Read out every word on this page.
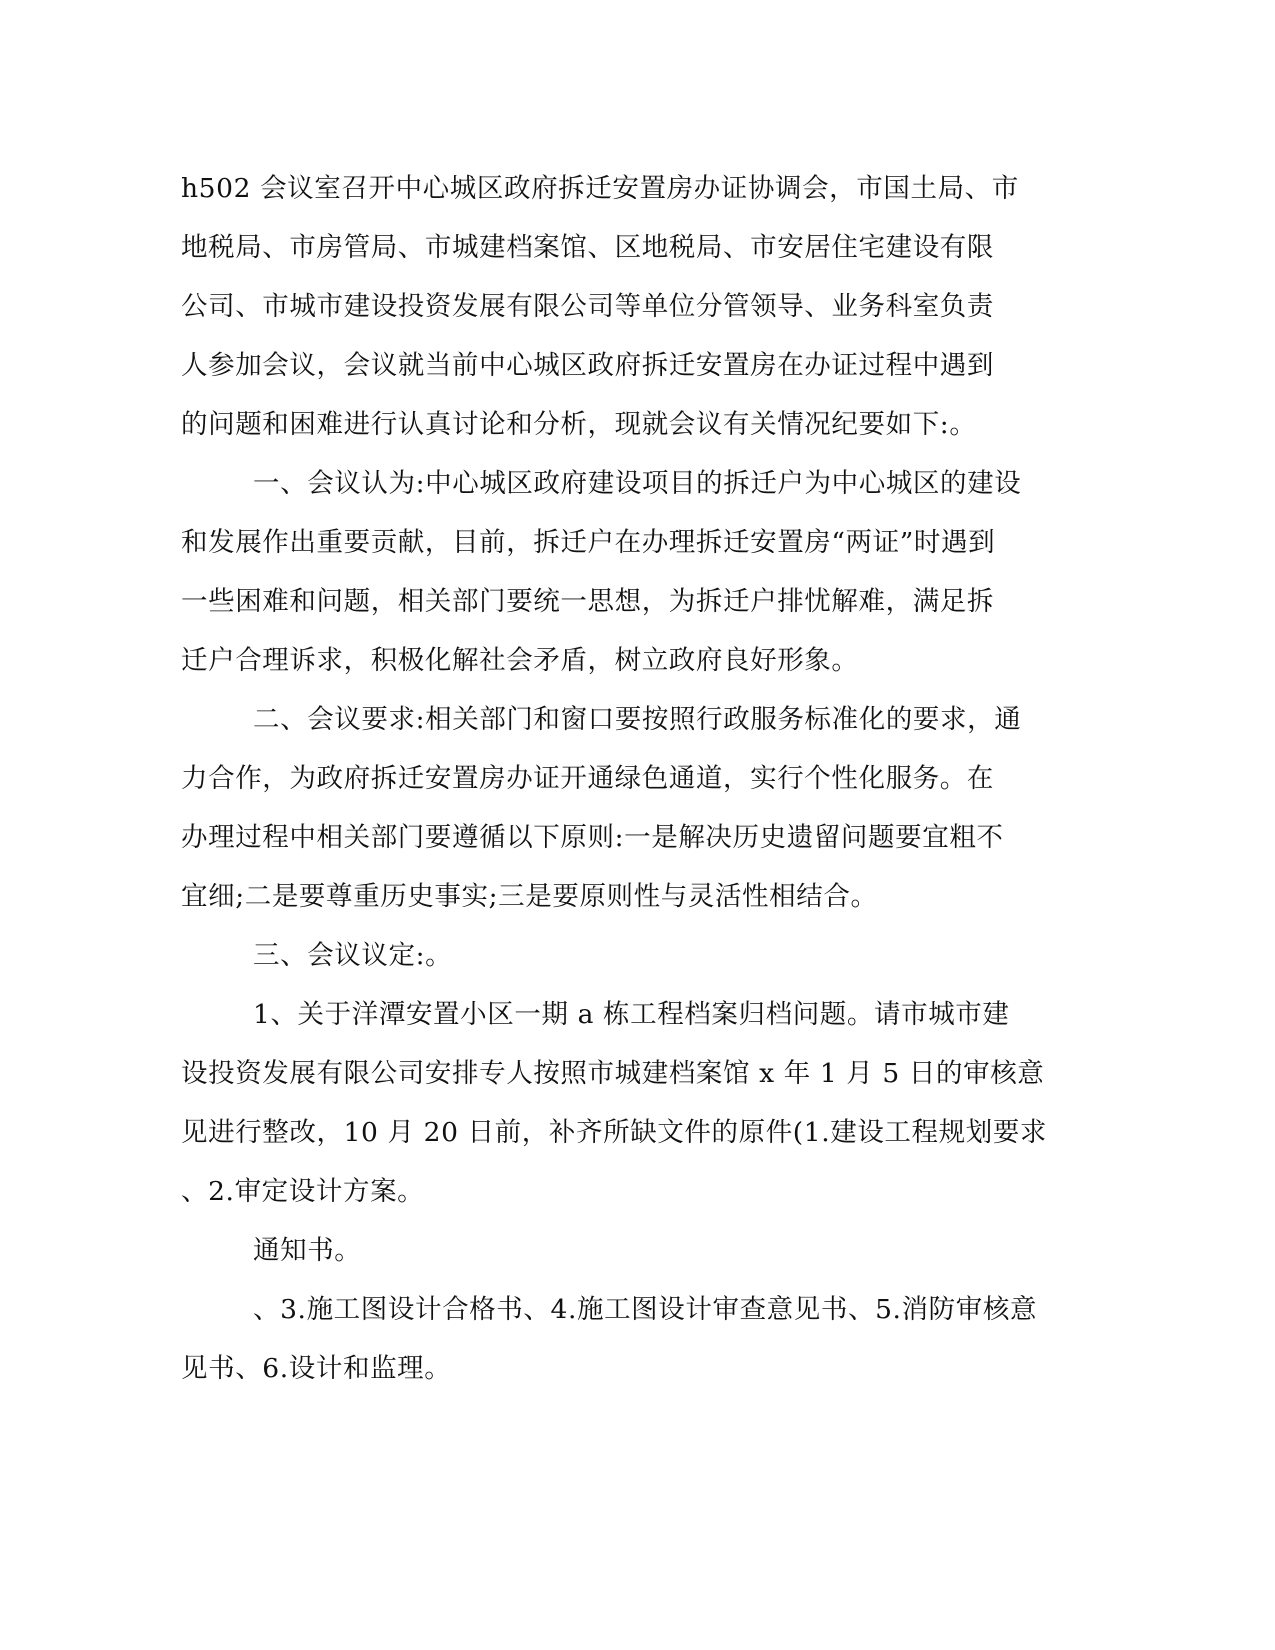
h502 会议室召开中心城区政府拆迁安置房办证协调会，市国土局、市
地税局、市房管局、市城建档案馆、区地税局、市安居住宅建设有限
公司、市城市建设投资发展有限公司等单位分管领导、业务科室负责
人参加会议，会议就当前中心城区政府拆迁安置房在办证过程中遇到
的问题和困难进行认真讨论和分析，现就会议有关情况纪要如下:。
一、会议认为:中心城区政府建设项目的拆迁户为中心城区的建设
和发展作出重要贡献，目前，拆迁户在办理拆迁安置房“两证”时遇到
一些困难和问题，相关部门要统一思想，为拆迁户排忧解难，满足拆
迁户合理诉求，积极化解社会矛盾，树立政府良好形象。
二、会议要求:相关部门和窗口要按照行政服务标准化的要求，通
力合作，为政府拆迁安置房办证开通绿色通道，实行个性化服务。在
办理过程中相关部门要遵循以下原则:一是解决历史遗留问题要宜粗不
宜细;二是要尊重历史事实;三是要原则性与灵活性相结合。
三、会议议定:。
1、关于洋潭安置小区一期 a 栋工程档案归档问题。请市城市建
设投资发展有限公司安排专人按照市城建档案馆 x 年 1 月 5 日的审核意
见进行整改，10 月 20 日前，补齐所缺文件的原件(1.建设工程规划要求
、2.审定设计方案。
通知书。
、3.施工图设计合格书、4.施工图设计审查意见书、5.消防审核意
见书、6.设计和监理。
